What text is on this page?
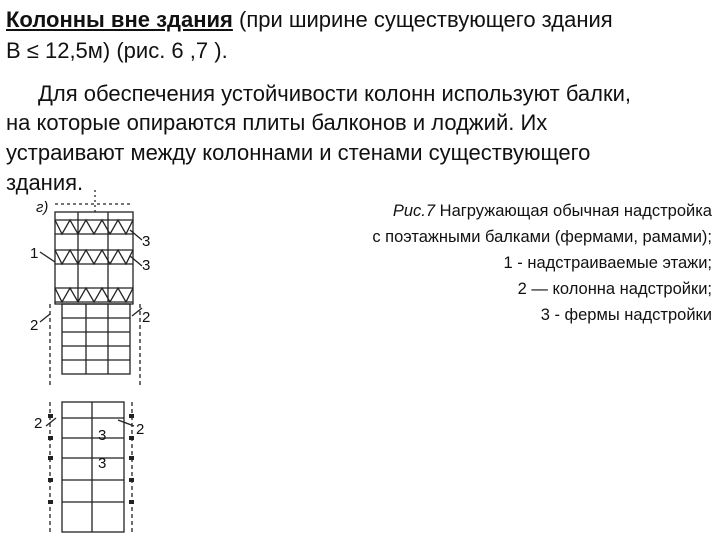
Колонны вне здания (при ширине существующего здания
В ≤ 12,5м) (рис. 6 ,7 ).
Для обеспечения устойчивости колонн используют балки,
на которые опираются плиты балконов и лоджий. Их
устраивают между колоннами и стенами существующего
здания.
Рис.7 Нагружающая обычная надстройка
с поэтажными балками (фермами, рамами);
1 - надстраиваемые этажи;
2 — колонна надстройки;
3 - фермы надстройки
г)
1
3
3
2	2
2
3 2
3
